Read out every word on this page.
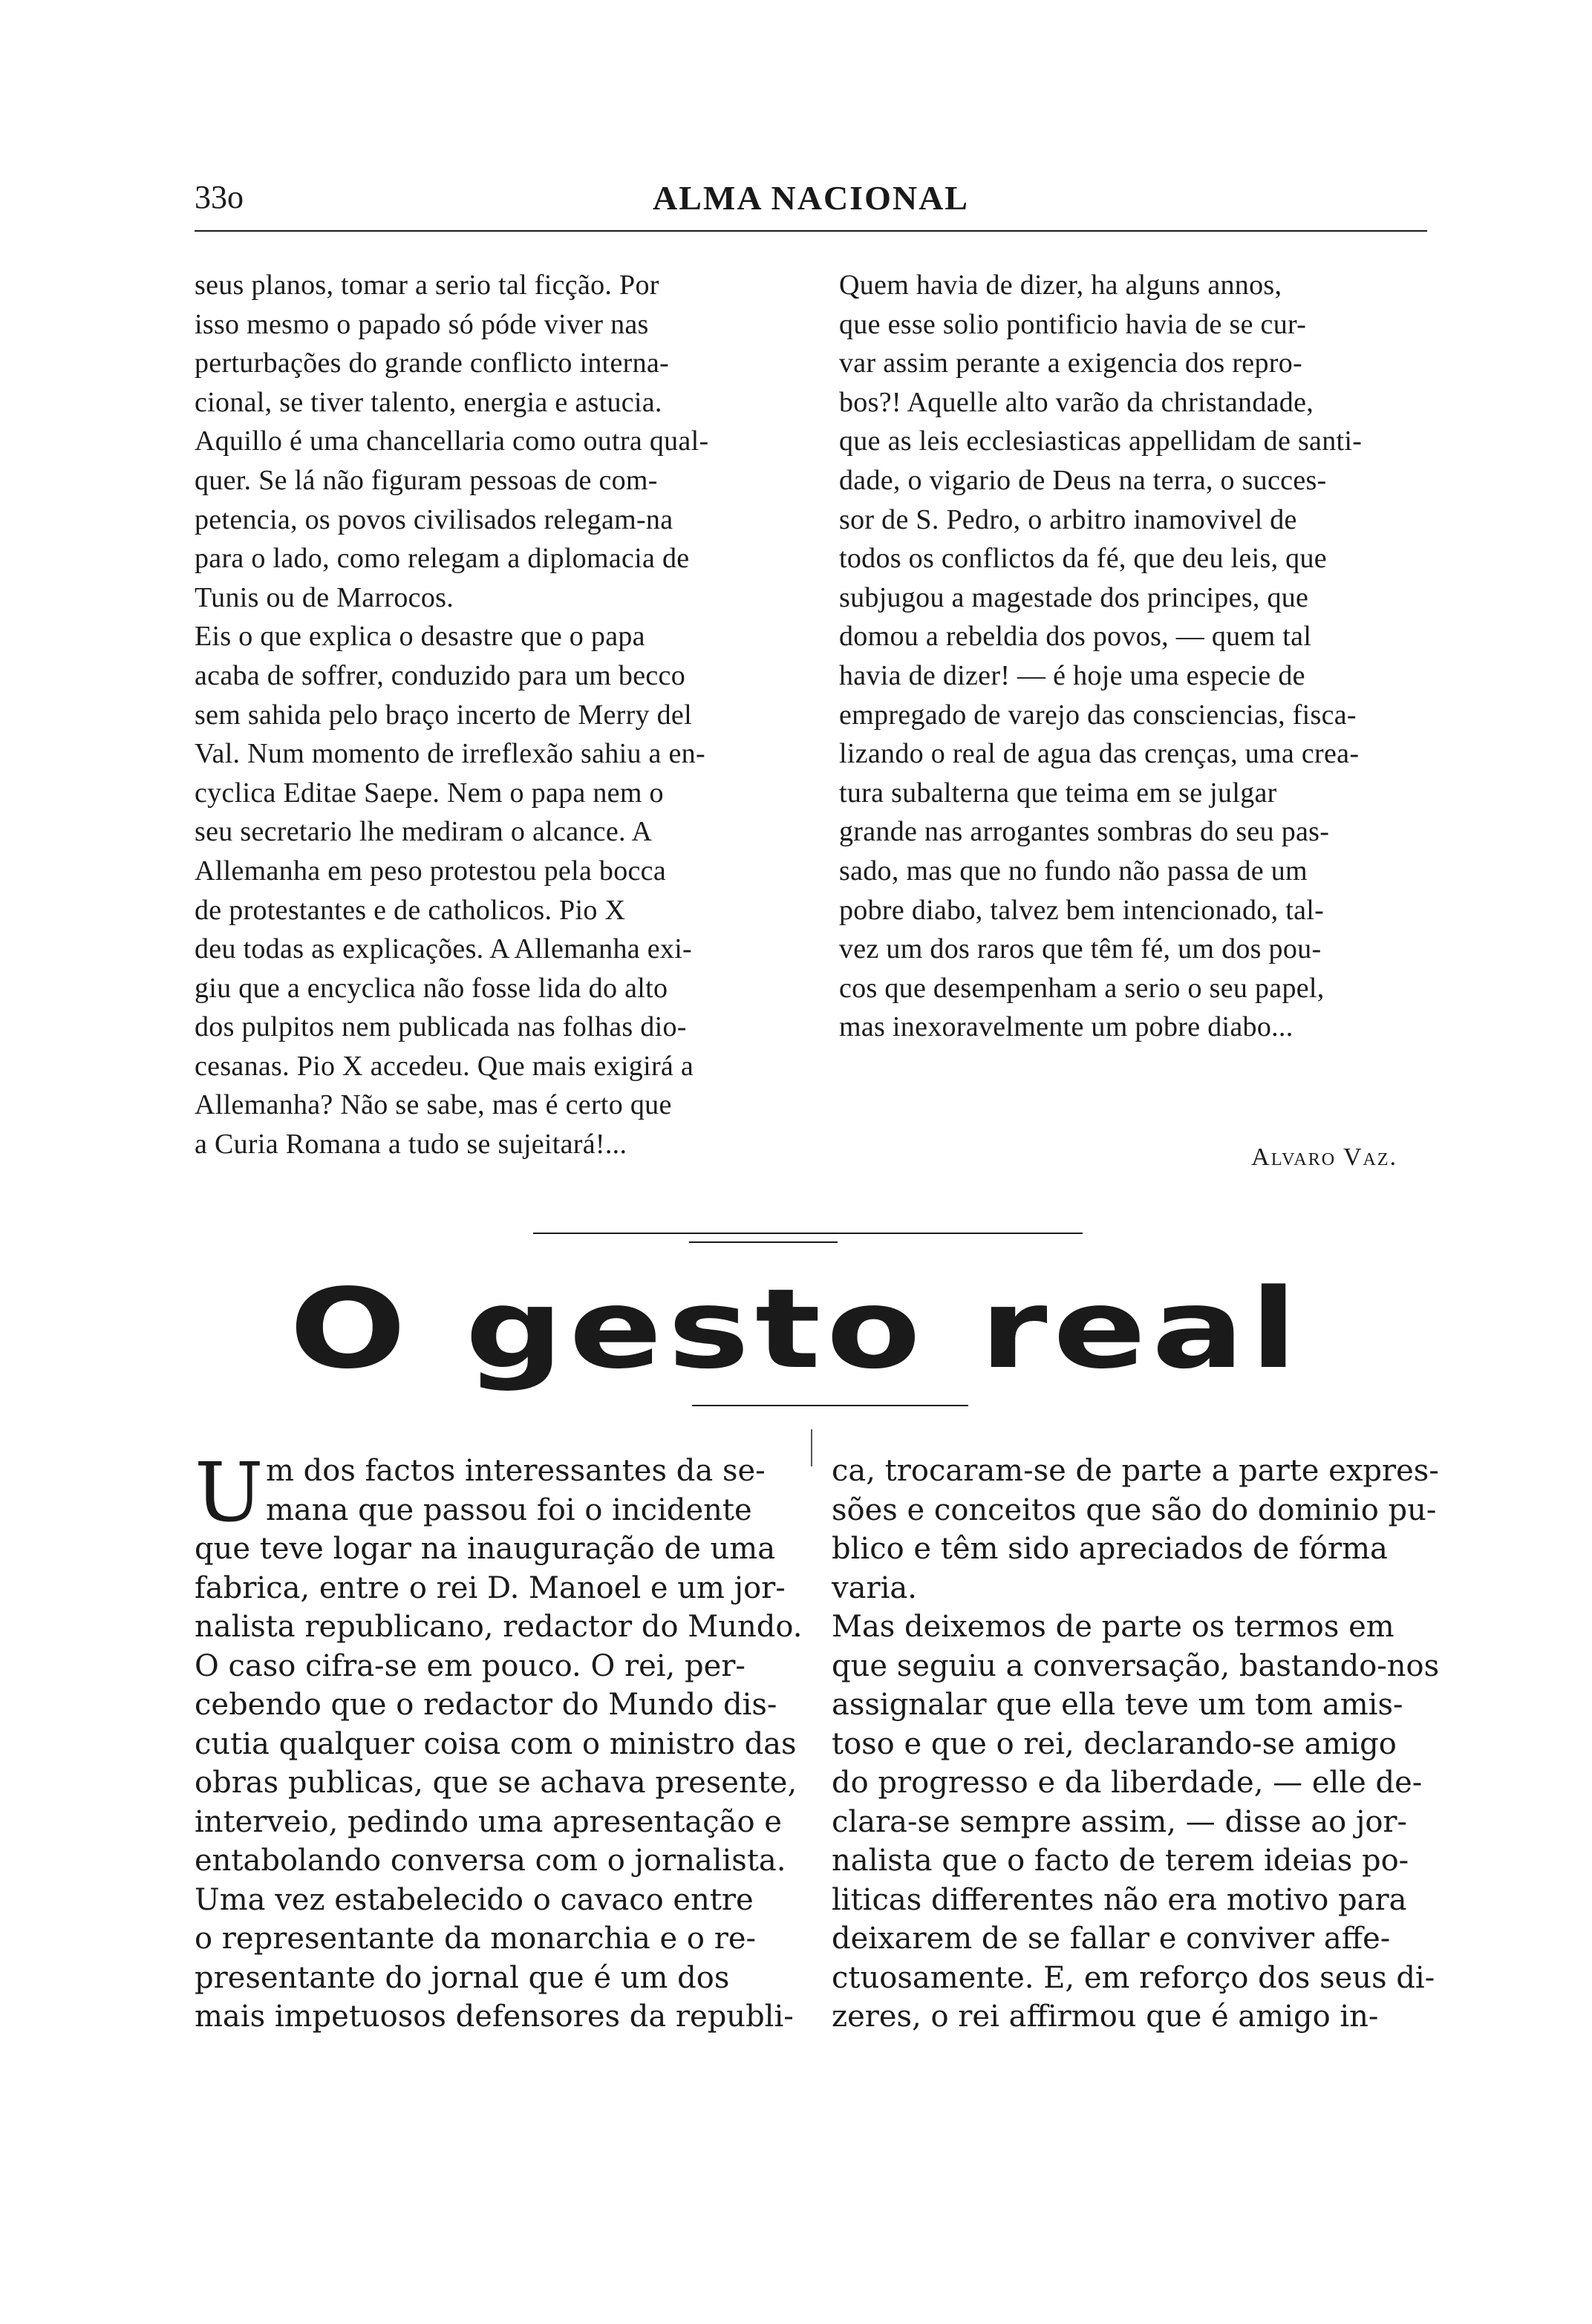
33o	ALMA NACIONAL
seus planos, tomar a serio tal ficção. Por
isso mesmo o papado só póde viver nas
perturbações do grande conflicto interna-
cional, se tiver talento, energia e astucia.
Aquillo é uma chancellaria como outra qual-
quer. Se lá não figuram pessoas de com-
petencia, os povos civilisados relegam-na
para o lado, como relegam a diplomacia de
Tunis ou de Marrocos.
Eis o que explica o desastre que o papa
acaba de soffrer, conduzido para um becco
sem sahida pelo braço incerto de Merry del
Val. Num momento de irreflexão sahiu a en-
cyclica Editae Saepe. Nem o papa nem o
seu secretario lhe mediram o alcance. A
Allemanha em peso protestou pela bocca
de protestantes e de catholicos. Pio X
deu todas as explicações. A Allemanha exi-
giu que a encyclica não fosse lida do alto
dos pulpitos nem publicada nas folhas dio-
cesanas. Pio X accedeu. Que mais exigirá a
Allemanha? Não se sabe, mas é certo que
a Curia Romana a tudo se sujeitará!...
Quem havia de dizer, ha alguns annos,
que esse solio pontificio havia de se cur-
var assim perante a exigencia dos repro-
bos?! Aquelle alto varão da christandade,
que as leis ecclesiasticas appellidam de santi-
dade, o vigario de Deus na terra, o succes-
sor de S. Pedro, o arbitro inamovivel de
todos os conflictos da fé, que deu leis, que
subjugou a magestade dos principes, que
domou a rebeldia dos povos, — quem tal
havia de dizer! — é hoje uma especie de
empregado de varejo das consciencias, fisca-
lizando o real de agua das crenças, uma crea-
tura subalterna que teima em se julgar
grande nas arrogantes sombras do seu pas-
sado, mas que no fundo não passa de um
pobre diabo, talvez bem intencionado, tal-
vez um dos raros que têm fé, um dos pou-
cos que desempenham a serio o seu papel,
mas inexoravelmente um pobre diabo...
Alvaro Vaz.
O gesto real
U m dos factos interessantes da se-
mana que passou foi o incidente
que teve logar na inauguração de uma
fabrica, entre o rei D. Manoel e um jor-
nalista republicano, redactor do Mundo.
O caso cifra-se em pouco. O rei, per-
cebendo que o redactor do Mundo dis-
cutia qualquer coisa com o ministro das
obras publicas, que se achava presente,
interveio, pedindo uma apresentação e
entabolando conversa com o jornalista.
Uma vez estabelecido o cavaco entre
o representante da monarchia e o re-
presentante do jornal que é um dos
mais impetuosos defensores da republi-
ca, trocaram-se de parte a parte expres-
sões e conceitos que são do dominio pu-
blico e têm sido apreciados de fórma
varia.
Mas deixemos de parte os termos em
que seguiu a conversação, bastando-nos
assignalar que ella teve um tom amis-
toso e que o rei, declarando-se amigo
do progresso e da liberdade, — elle de-
clara-se sempre assim, — disse ao jor-
nalista que o facto de terem ideias po-
liticas differentes não era motivo para
deixarem de se fallar e conviver affe-
ctuosamente. E, em reforço dos seus di-
zeres, o rei affirmou que é amigo in-
